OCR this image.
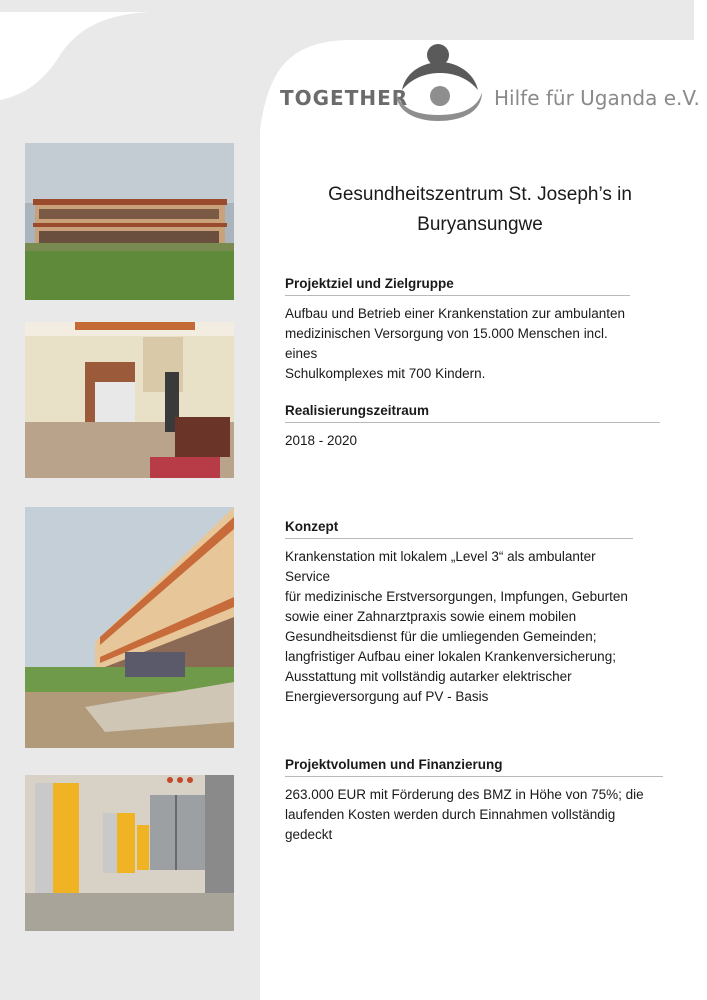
TOGETHER	Hilfe für Uganda e.V.
Gesundheitszentrum St. Joseph’s in Buryansungwe
Projektziel und Zielgruppe
Aufbau und Betrieb einer Krankenstation zur ambulanten
medizinischen Versorgung von 15.000 Menschen incl. eines
Schulkomplexes mit 700 Kindern.
Realisierungszeitraum
2018 - 2020
Konzept
Krankenstation mit lokalem „Level 3“ als ambulanter Service
für medizinische Erstversorgungen, Impfungen, Geburten
sowie einer Zahnarztpraxis sowie einem mobilen
Gesundheitsdienst für die umliegenden Gemeinden;
langfristiger Aufbau einer lokalen Krankenversicherung;
Ausstattung mit vollständig autarker elektrischer
Energieversorgung auf PV - Basis
Projektvolumen und Finanzierung
263.000 EUR mit Förderung des BMZ in Höhe von 75%; die
laufenden Kosten werden durch Einnahmen vollständig
gedeckt
